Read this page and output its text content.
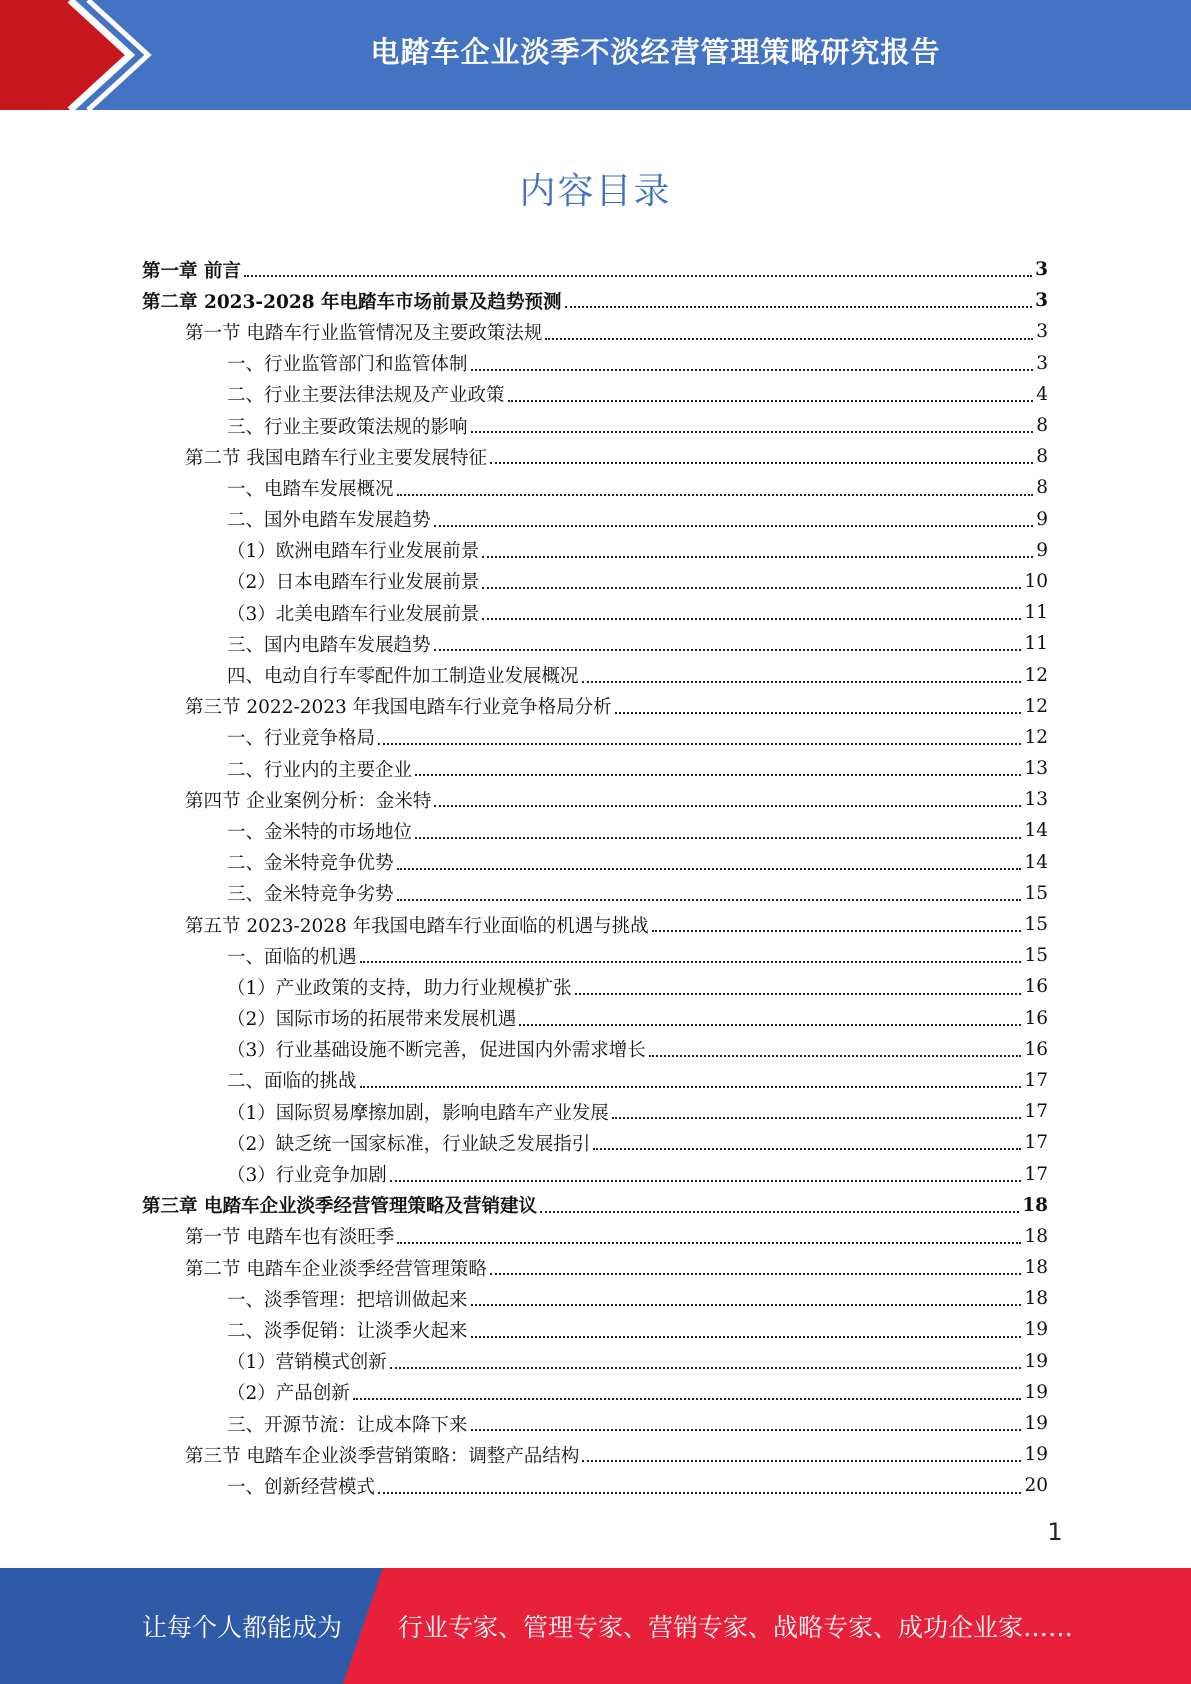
电踏车企业淡季不淡经营管理策略研究报告
内容目录
第一章 前言	3
第二章 2023-2028 年电踏车市场前景及趋势预测	3
第一节 电踏车行业监管情况及主要政策法规	3
一、行业监管部门和监管体制	3
二、行业主要法律法规及产业政策	4
三、行业主要政策法规的影响	8
第二节 我国电踏车行业主要发展特征	8
一、电踏车发展概况	8
二、国外电踏车发展趋势	9
（1）欧洲电踏车行业发展前景	9
（2）日本电踏车行业发展前景	10
（3）北美电踏车行业发展前景	11
三、国内电踏车发展趋势	11
四、电动自行车零配件加工制造业发展概况	12
第三节 2022-2023 年我国电踏车行业竞争格局分析	12
一、行业竞争格局	12
二、行业内的主要企业	13
第四节 企业案例分析：金米特	13
一、金米特的市场地位	14
二、金米特竞争优势	14
三、金米特竞争劣势	15
第五节 2023-2028 年我国电踏车行业面临的机遇与挑战	15
一、面临的机遇	15
（1）产业政策的支持，助力行业规模扩张	16
（2）国际市场的拓展带来发展机遇	16
（3）行业基础设施不断完善，促进国内外需求增长	16
二、面临的挑战	17
（1）国际贸易摩擦加剧，影响电踏车产业发展	17
（2）缺乏统一国家标准，行业缺乏发展指引	17
（3）行业竞争加剧	17
第三章 电踏车企业淡季经营管理策略及营销建议	18
第一节 电踏车也有淡旺季	18
第二节 电踏车企业淡季经营管理策略	18
一、淡季管理：把培训做起来	18
二、淡季促销：让淡季火起来	19
（1）营销模式创新	19
（2）产品创新	19
三、开源节流：让成本降下来	19
第三节 电踏车企业淡季营销策略：调整产品结构	19
一、创新经营模式	20
1
让每个人都能成为 行业专家、管理专家、营销专家、战略专家、成功企业家……
